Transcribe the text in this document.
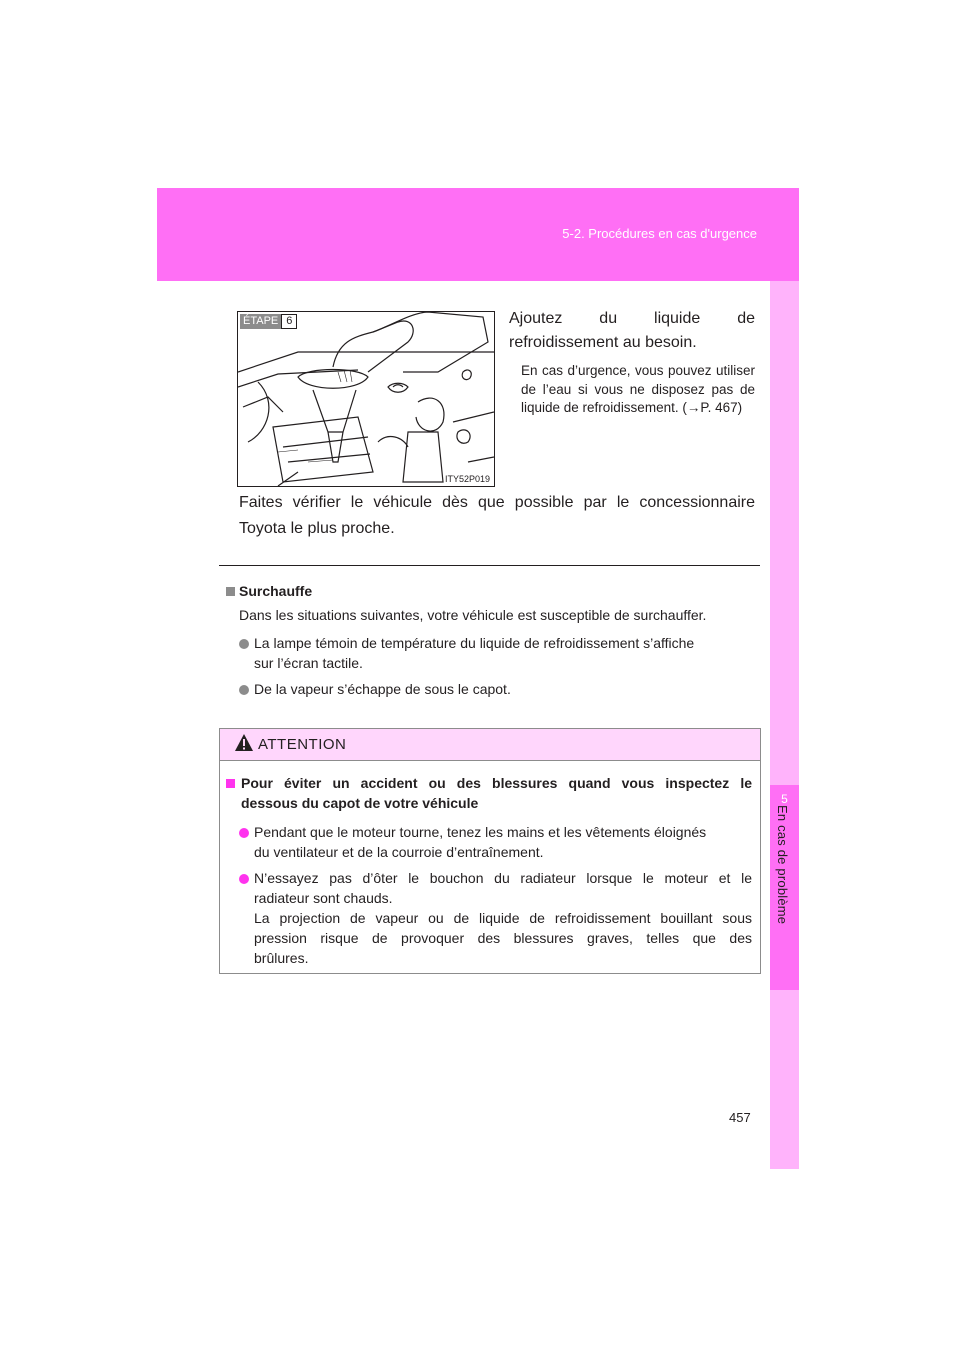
5-2. Procédures en cas d'urgence
5
En cas de problème
ÉTAPE 6
ITY52P019
Ajoutez du liquide de refroidissement au besoin.
En cas d’urgence, vous pouvez utiliser de l’eau si vous ne disposez pas de liquide de refroidissement. (→P. 467)
Faites vérifier le véhicule dès que possible par le concessionnaire Toyota le plus proche.
Surchauffe
Dans les situations suivantes, votre véhicule est susceptible de surchauffer.
La lampe témoin de température du liquide de refroidissement s’affiche
sur l’écran tactile.
De la vapeur s’échappe de sous le capot.
ATTENTION
Pour éviter un accident ou des blessures quand vous inspectez le
dessous du capot de votre véhicule
Pendant que le moteur tourne, tenez les mains et les vêtements éloignés
du ventilateur et de la courroie d’entraînement.
N’essayez pas d’ôter le bouchon du radiateur lorsque le moteur et le
radiateur sont chauds.
La projection de vapeur ou de liquide de refroidissement bouillant sous
pression risque de provoquer des blessures graves, telles que des
brûlures.
457
